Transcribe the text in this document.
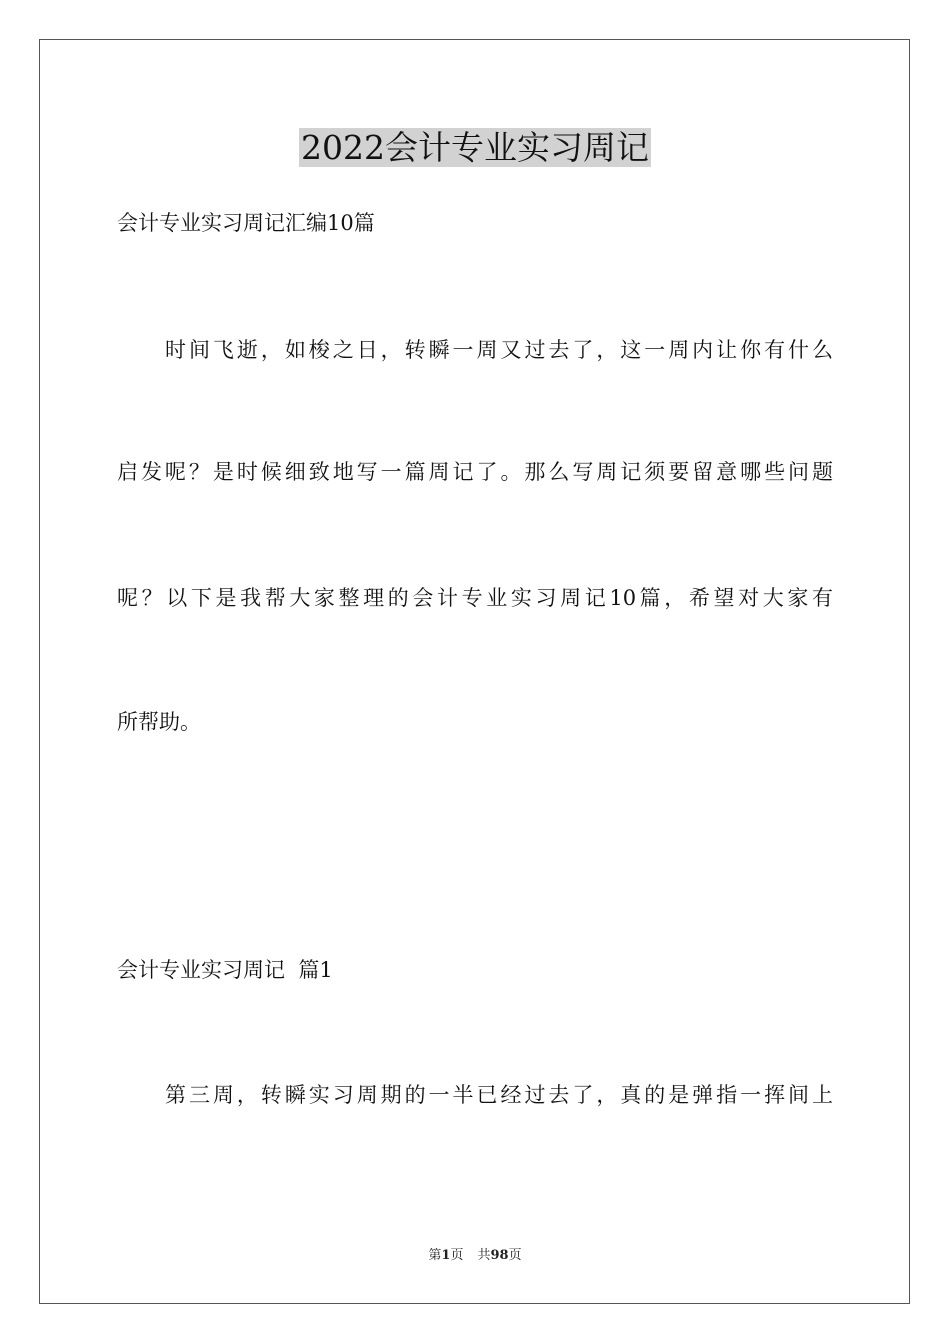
2022会计专业实习周记
会计专业实习周记汇编10篇
时间飞逝，如梭之日，转瞬一周又过去了，这一周内让你有什么
启发呢？是时候细致地写一篇周记了。那么写周记须要留意哪些问题
呢？以下是我帮大家整理的会计专业实习周记10篇，希望对大家有
所帮助。
会计专业实习周记  篇1
第三周，转瞬实习周期的一半已经过去了，真的是弹指一挥间上
第1页 共98页
